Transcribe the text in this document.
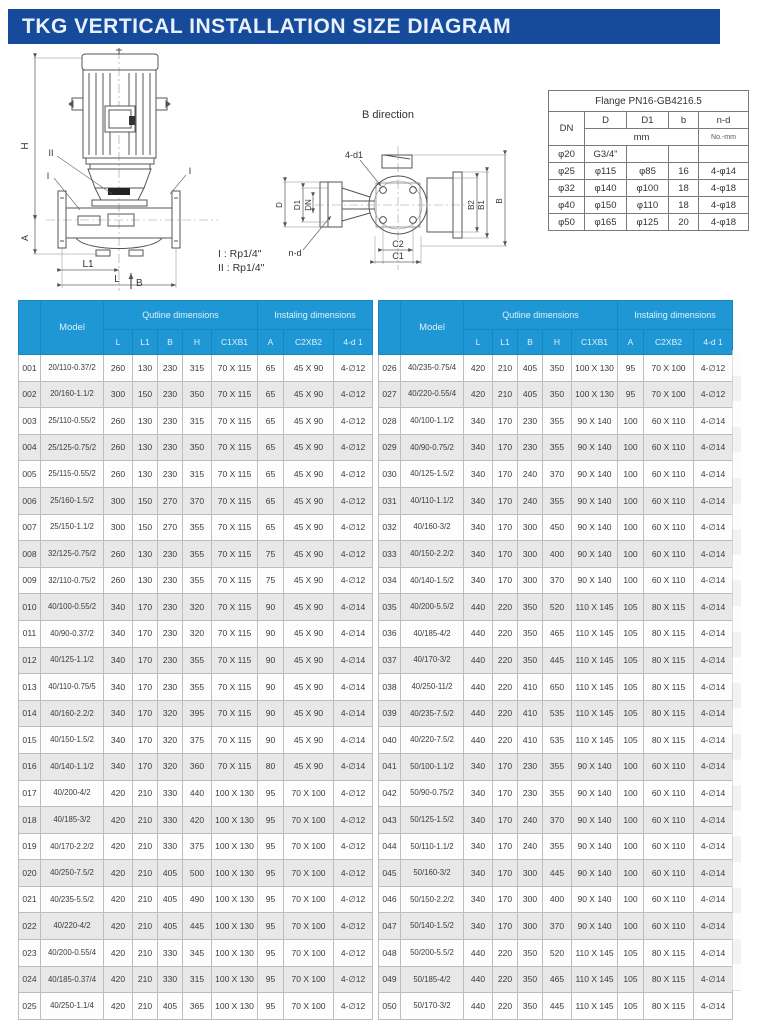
TKG VERTICAL INSTALLATION SIZE DIAGRAM
H
A
L1
L B
II
I	I
I : Rp1/4"
II : Rp1/4"
B direction
4-d1
D D1 DN
n-d
C2
C1
B2 B1 B
Flange PN16-GB4216.5				
DN	D	D1	b	n-d
	mm			No.-mm
φ20	G3/4"			
φ25	φ115	φ85	16	4-φ14
φ32	φ140	φ100	18	4-φ18
φ40	φ150	φ110	18	4-φ18
φ50	φ165	φ125	20	4-φ18
	Model	Qutline dimensions					Instaling dimensions		
		L	L1	B	H	C1XB1	A	C2XB2	4-d 1
001	20/110-0.37/2	260	130	230	315	70 X 115	65	45 X 90	4-∅12
002	20/160-1.1/2	300	150	230	350	70 X 115	65	45 X 90	4-∅12
003	25/110-0.55/2	260	130	230	315	70 X 115	65	45 X 90	4-∅12
004	25/125-0.75/2	260	130	230	350	70 X 115	65	45 X 90	4-∅12
005	25/115-0.55/2	260	130	230	315	70 X 115	65	45 X 90	4-∅12
006	25/160-1.5/2	300	150	270	370	70 X 115	65	45 X 90	4-∅12
007	25/150-1.1/2	300	150	270	355	70 X 115	65	45 X 90	4-∅12
008	32/125-0.75/2	260	130	230	355	70 X 115	75	45 X 90	4-∅12
009	32/110-0.75/2	260	130	230	355	70 X 115	75	45 X 90	4-∅12
010	40/100-0.55/2	340	170	230	320	70 X 115	90	45 X 90	4-∅14
011	40/90-0.37/2	340	170	230	320	70 X 115	90	45 X 90	4-∅14
012	40/125-1.1/2	340	170	230	355	70 X 115	90	45 X 90	4-∅14
013	40/110-0.75/5	340	170	230	355	70 X 115	90	45 X 90	4-∅14
014	40/160-2.2/2	340	170	320	395	70 X 115	90	45 X 90	4-∅14
015	40/150-1.5/2	340	170	320	375	70 X 115	90	45 X 90	4-∅14
016	40/140-1.1/2	340	170	320	360	70 X 115	80	45 X 90	4-∅14
017	40/200-4/2	420	210	330	440	100 X 130	95	70 X 100	4-∅12
018	40/185-3/2	420	210	330	420	100 X 130	95	70 X 100	4-∅12
019	40/170-2.2/2	420	210	330	375	100 X 130	95	70 X 100	4-∅12
020	40/250-7.5/2	420	210	405	500	100 X 130	95	70 X 100	4-∅12
021	40/235-5.5/2	420	210	405	490	100 X 130	95	70 X 100	4-∅12
022	40/220-4/2	420	210	405	445	100 X 130	95	70 X 100	4-∅12
023	40/200-0.55/4	420	210	330	345	100 X 130	95	70 X 100	4-∅12
024	40/185-0.37/4	420	210	330	315	100 X 130	95	70 X 100	4-∅12
025	40/250-1.1/4	420	210	405	365	100 X 130	95	70 X 100	4-∅12
	Model	Qutline dimensions					Instaling dimensions		
		L	L1	B	H	C1XB1	A	C2XB2	4-d 1
026	40/235-0.75/4	420	210	405	350	100 X 130	95	70 X 100	4-∅12
027	40/220-0.55/4	420	210	405	350	100 X 130	95	70 X 100	4-∅12
028	40/100-1.1/2	340	170	230	355	90 X 140	100	60 X 110	4-∅14
029	40/90-0.75/2	340	170	230	355	90 X 140	100	60 X 110	4-∅14
030	40/125-1.5/2	340	170	240	370	90 X 140	100	60 X 110	4-∅14
031	40/110-1.1/2	340	170	240	355	90 X 140	100	60 X 110	4-∅14
032	40/160-3/2	340	170	300	450	90 X 140	100	60 X 110	4-∅14
033	40/150-2.2/2	340	170	300	400	90 X 140	100	60 X 110	4-∅14
034	40/140-1.5/2	340	170	300	370	90 X 140	100	60 X 110	4-∅14
035	40/200-5.5/2	440	220	350	520	110 X 145	105	80 X 115	4-∅14
036	40/185-4/2	440	220	350	465	110 X 145	105	80 X 115	4-∅14
037	40/170-3/2	440	220	350	445	110 X 145	105	80 X 115	4-∅14
038	40/250-11/2	440	220	410	650	110 X 145	105	80 X 115	4-∅14
039	40/235-7.5/2	440	220	410	535	110 X 145	105	80 X 115	4-∅14
040	40/220-7.5/2	440	220	410	535	110 X 145	105	80 X 115	4-∅14
041	50/100-1.1/2	340	170	230	355	90 X 140	100	60 X 110	4-∅14
042	50/90-0.75/2	340	170	230	355	90 X 140	100	60 X 110	4-∅14
043	50/125-1.5/2	340	170	240	370	90 X 140	100	60 X 110	4-∅14
044	50/110-1.1/2	340	170	240	355	90 X 140	100	60 X 110	4-∅14
045	50/160-3/2	340	170	300	445	90 X 140	100	60 X 110	4-∅14
046	50/150-2.2/2	340	170	300	400	90 X 140	100	60 X 110	4-∅14
047	50/140-1.5/2	340	170	300	370	90 X 140	100	60 X 110	4-∅14
048	50/200-5.5/2	440	220	350	520	110 X 145	105	80 X 115	4-∅14
049	50/185-4/2	440	220	350	465	110 X 145	105	80 X 115	4-∅14
050	50/170-3/2	440	220	350	445	110 X 145	105	80 X 115	4-∅14
